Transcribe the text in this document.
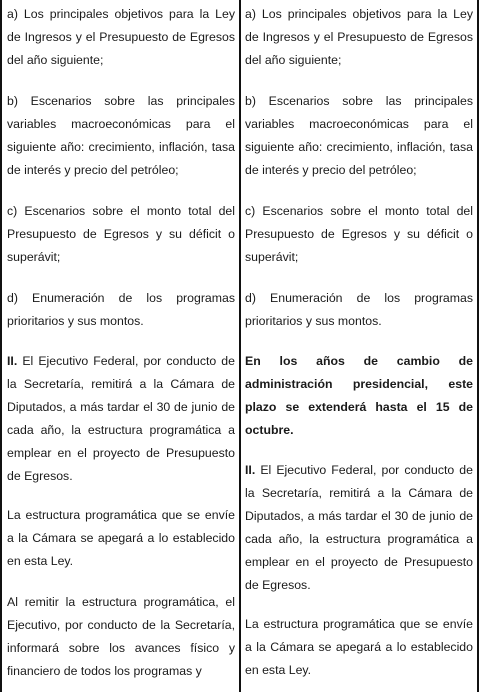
a) Los principales objetivos para la Ley de Ingresos y el Presupuesto de Egresos del año siguiente;

b) Escenarios sobre las principales variables macroeconómicas para el siguiente año: crecimiento, inflación, tasa de interés y precio del petróleo;

c) Escenarios sobre el monto total del Presupuesto de Egresos y su déficit o superávit;

d) Enumeración de los programas prioritarios y sus montos.

II. El Ejecutivo Federal, por conducto de la Secretaría, remitirá a la Cámara de Diputados, a más tardar el 30 de junio de cada año, la estructura programática a emplear en el proyecto de Presupuesto de Egresos.

La estructura programática que se envíe a la Cámara se apegará a lo establecido en esta Ley.

Al remitir la estructura programática, el Ejecutivo, por conducto de la Secretaría, informará sobre los avances físico y financiero de todos los programas y

a) Los principales objetivos para la Ley de Ingresos y el Presupuesto de Egresos del año siguiente;

b) Escenarios sobre las principales variables macroeconómicas para el siguiente año: crecimiento, inflación, tasa de interés y precio del petróleo;

c) Escenarios sobre el monto total del Presupuesto de Egresos y su déficit o superávit;

d) Enumeración de los programas prioritarios y sus montos.

En los años de cambio de administración presidencial, este plazo se extenderá hasta el 15 de octubre.

II. El Ejecutivo Federal, por conducto de la Secretaría, remitirá a la Cámara de Diputados, a más tardar el 30 de junio de cada año, la estructura programática a emplear en el proyecto de Presupuesto de Egresos.

La estructura programática que se envíe a la Cámara se apegará a lo establecido en esta Ley.
